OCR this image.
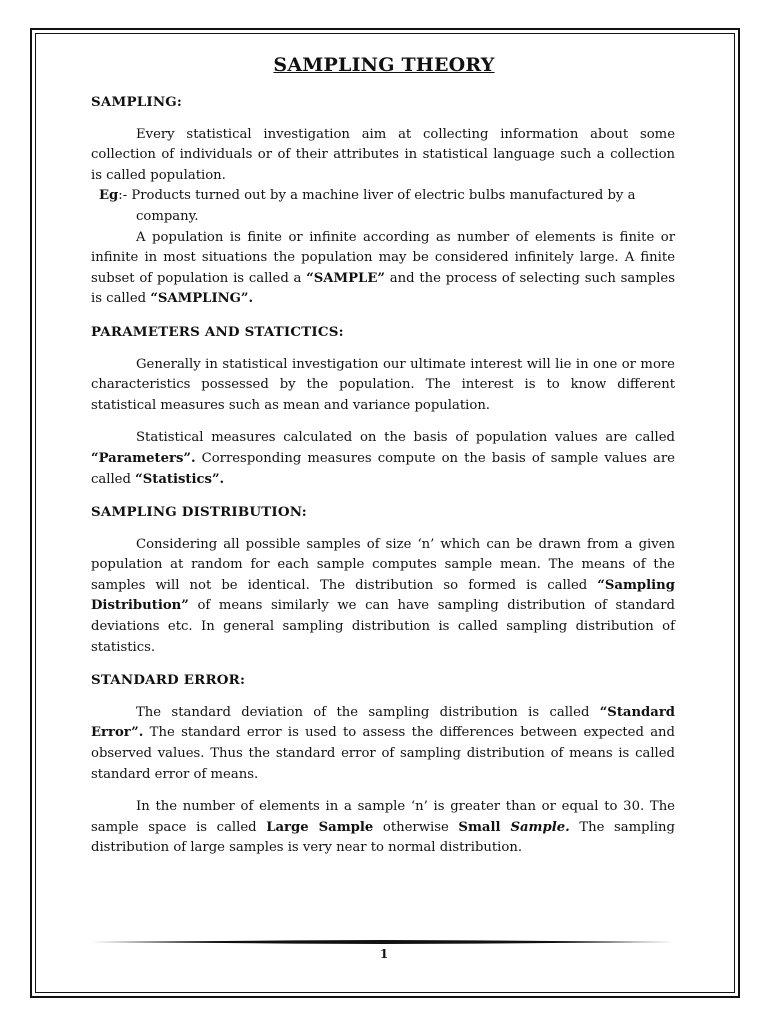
SAMPLING THEORY
SAMPLING:

Every statistical investigation aim at collecting information about some collection of individuals or of their attributes in statistical language such a collection is called population.

Eg:- Products turned out by a machine liver of electric bulbs manufactured by a company.

A population is finite or infinite according as number of elements is finite or infinite in most situations the population may be considered infinitely large. A finite subset of population is called a “SAMPLE” and the process of selecting such samples is called “SAMPLING”.

PARAMETERS AND STATICTICS:

Generally in statistical investigation our ultimate interest will lie in one or more characteristics possessed by the population. The interest is to know different statistical measures such as mean and variance population.

Statistical measures calculated on the basis of population values are called “Parameters”. Corresponding measures compute on the basis of sample values are called “Statistics”.

SAMPLING DISTRIBUTION:

Considering all possible samples of size ‘n’ which can be drawn from a given population at random for each sample computes sample mean. The means of the samples will not be identical. The distribution so formed is called “Sampling Distribution” of means similarly we can have sampling distribution of standard deviations etc. In general sampling distribution is called sampling distribution of statistics.

STANDARD ERROR:

The standard deviation of the sampling distribution is called “Standard Error”. The standard error is used to assess the differences between expected and observed values. Thus the standard error of sampling distribution of means is called standard error of means.

In the number of elements in a sample ‘n’ is greater than or equal to 30. The sample space is called Large Sample otherwise Small Sample. The sampling distribution of large samples is very near to normal distribution.

1
